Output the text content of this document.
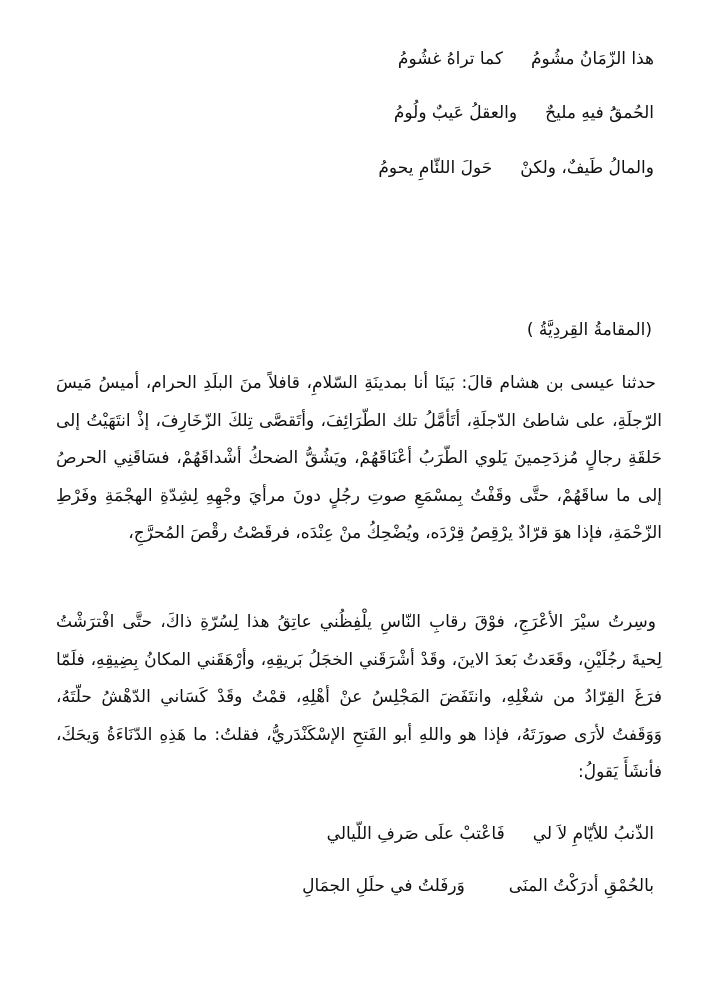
هذا الزّمَانُ مشُومُكما تراهُ غشُومُ
الحُمقَُ فيهِ مليحٌوالعقلُ عَيبٌ ولُومُ
والمالُ طَيفٌ، ولكنْحَولَ اللئّامِ يحومُ
(المقامةُ القِردِيَّةُ )
حدثنا عيسى بن هشام قالَ: بَينَا أنا بمدينَةِ السّلامِ، قافلاً منَ البلَدِ الحرام، أميسُ مَيسَ الرّجلَةِ، على شاطئ الدّجلَةِ، أتَأمَّلُ تلك الطّرَائِفَ، وأتَقصَّى تِلكَ الزّخَارِفَ، إذْ انتَهَيْتُ إلى حَلقَةِ رجالٍ مُزدَحِمينَ يَلوي الطّرَبُ أعْنَاقَهُمْ، ويَشُقُّ الضحكُ أشْداقَهُمْ، فسَاقَنِي الحرصُ إلى ما ساقَهُمْ، حتَّى وقَفْتُ بِمسْمَعِ صوتِ رجُلٍ دونَ مرأيَ وجْهِهِ لِشِدّةِ الهجْمَةِ وفَرْطِ الزّحْمَةِ، فإذا هوَ قرّادٌ يرْقِصُ قِرْدَه، ويُضْحِكُ منْ عِنْدَه، فرقَصْتُ رقْصَ المُحرَّجِ،
وسِرتُ سيْرَ الأعْرَجِ، فوْقَ رقابِ النّاسِ يلْفِظُني عاتِقُ هذا لِسُرّةِ ذاكَ، حتَّى افْترَشْتُ لِحيةَ رجُلَيْنِ، وقَعَدتُ بَعدَ الاينَ، وقَدْ أشْرَقَني الخجَلُ بَريقِهِ، وأرْهَقَني المكانُ بِضِيقِهِ، فلَمّا فرَغَ القِرّادُ من شغْلِهِ، وانتَفَضَ المَجْلِسُ عنْ أهْلِهِ، قمْتُ وقَدْ كَسَاني الدّهْشُ حلّتَهُ، وَوَقَفتُ لأرَى صورَتَهُ، فإذا هو واللهِ أبو الفَتحِ الإسْكَنْدَريُّ، فقلتُ: ما هَذِهِ الدّنَاءَةُ وَيحَكَ، فأنشَأَ يَقولُ:
الذّنبُ للأيّامِ لاَ ليفَاعْتبْ علَى صَرفِ اللّيالي
بالحُمْقِ أدرَكْتُ المنَىوَرفَلتُ في حلَلِ الجمَالِ
